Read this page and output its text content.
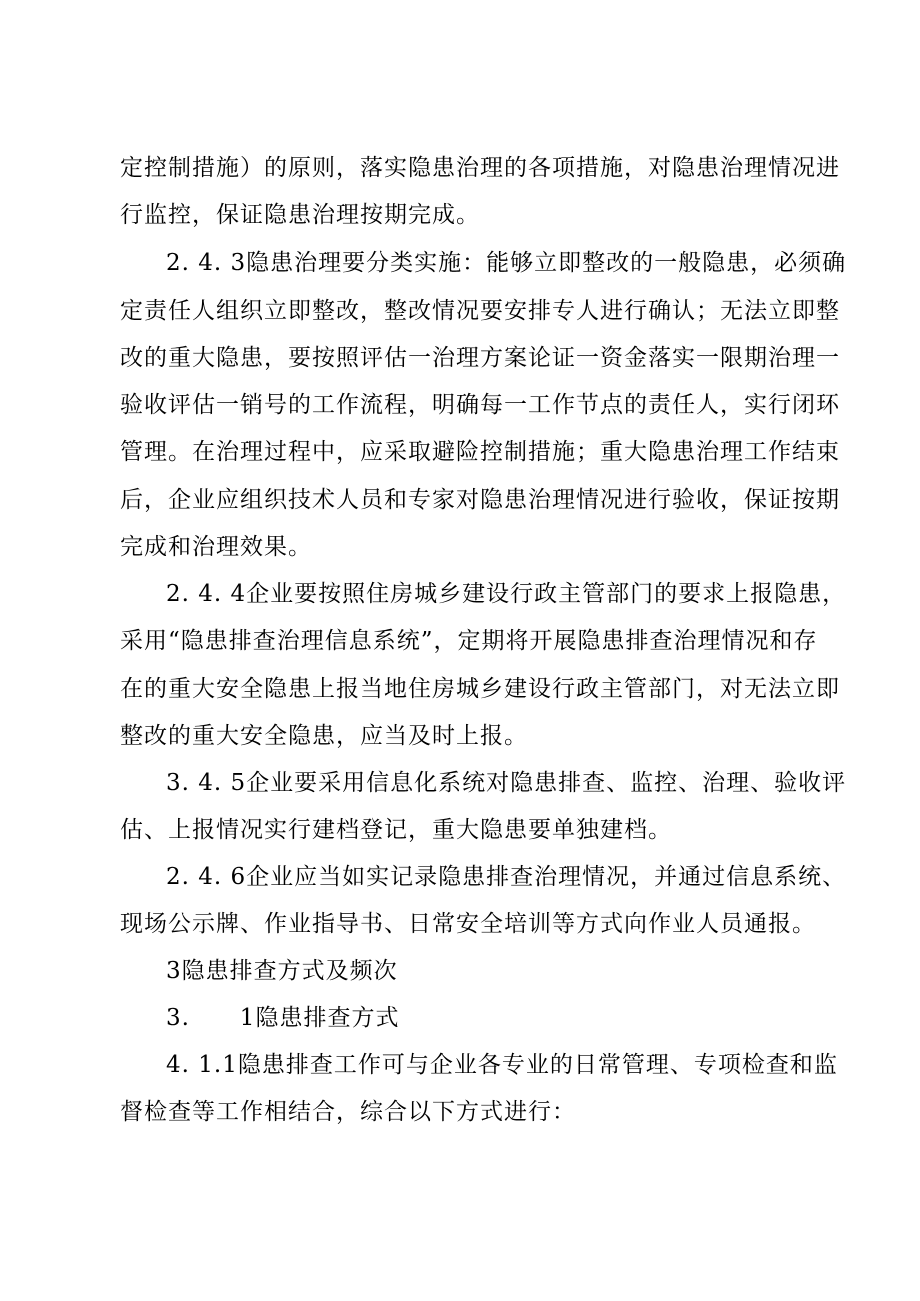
定控制措施）的原则，落实隐患治理的各项措施，对隐患治理情况进
行监控，保证隐患治理按期完成。
2. 4. 3隐患治理要分类实施：能够立即整改的一般隐患，必须确
定责任人组织立即整改，整改情况要安排专人进行确认；无法立即整
改的重大隐患，要按照评估一治理方案论证一资金落实一限期治理一
验收评估一销号的工作流程，明确每一工作节点的责任人，实行闭环
管理。在治理过程中，应采取避险控制措施；重大隐患治理工作结束
后，企业应组织技术人员和专家对隐患治理情况进行验收，保证按期
完成和治理效果。
2. 4. 4企业要按照住房城乡建设行政主管部门的要求上报隐患，
采用“隐患排查治理信息系统”，定期将开展隐患排查治理情况和存
在的重大安全隐患上报当地住房城乡建设行政主管部门，对无法立即
整改的重大安全隐患，应当及时上报。
3. 4. 5企业要采用信息化系统对隐患排查、监控、治理、验收评
估、上报情况实行建档登记，重大隐患要单独建档。
2. 4. 6企业应当如实记录隐患排查治理情况，并通过信息系统、
现场公示牌、作业指导书、日常安全培训等方式向作业人员通报。
3隐患排查方式及频次
3.      1隐患排查方式
4. 1.1隐患排查工作可与企业各专业的日常管理、专项检查和监
督检查等工作相结合，综合以下方式进行：
